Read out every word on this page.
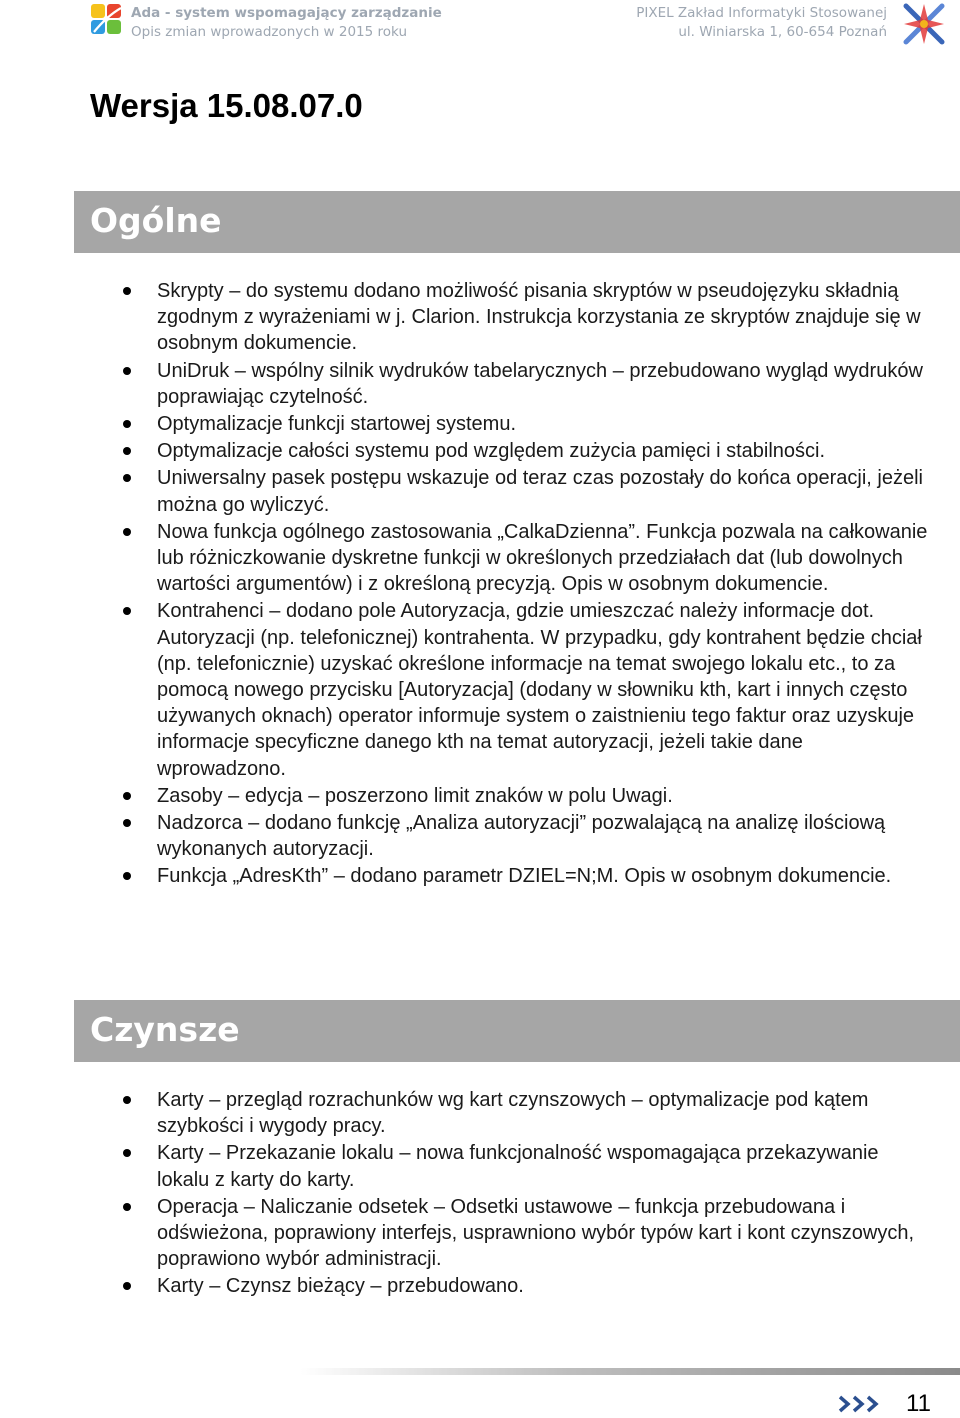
Ada - system wspomagający zarządzanie
Opis zmian wprowadzonych w 2015 roku
PIXEL Zakład Informatyki Stosowanej
ul. Winiarska 1, 60-654 Poznań
Wersja 15.08.07.0
Ogólne
Skrypty – do systemu dodano możliwość pisania skryptów w pseudojęzyku składnią zgodnym z wyrażeniami w j. Clarion. Instrukcja korzystania ze skryptów znajduje się w osobnym dokumencie.
UniDruk – wspólny silnik wydruków tabelarycznych – przebudowano wygląd wydruków poprawiając czytelność.
Optymalizacje funkcji startowej systemu.
Optymalizacje całości systemu pod względem zużycia pamięci i stabilności.
Uniwersalny pasek postępu wskazuje od teraz czas pozostały do końca operacji, jeżeli można go wyliczyć.
Nowa funkcja ogólnego zastosowania „CalkaDzienna”. Funkcja pozwala na całkowanie lub różniczkowanie dyskretne funkcji w określonych przedziałach dat (lub dowolnych wartości argumentów) i z określoną precyzją. Opis w osobnym dokumencie.
Kontrahenci – dodano pole Autoryzacja, gdzie umieszczać należy informacje dot. Autoryzacji (np. telefonicznej) kontrahenta. W przypadku, gdy kontrahent będzie chciał (np. telefonicznie) uzyskać określone informacje na temat swojego lokalu etc., to za pomocą nowego przycisku [Autoryzacja] (dodany w słowniku kth, kart i innych często używanych oknach) operator informuje system o zaistnieniu tego faktur oraz uzyskuje informacje specyficzne danego kth na temat autoryzacji, jeżeli takie dane wprowadzono.
Zasoby – edycja – poszerzono limit znaków w polu Uwagi.
Nadzorca – dodano funkcję „Analiza autoryzacji” pozwalającą na analizę ilościową wykonanych autoryzacji.
Funkcja „AdresKth” – dodano parametr DZIEL=N;M. Opis w osobnym dokumencie.
Czynsze
Karty – przegląd rozrachunków wg kart czynszowych – optymalizacje pod kątem szybkości i wygody pracy.
Karty – Przekazanie lokalu – nowa funkcjonalność wspomagająca przekazywanie lokalu z karty do karty.
Operacja – Naliczanie odsetek – Odsetki ustawowe – funkcja przebudowana i odświeżona, poprawiony interfejs, usprawniono wybór typów kart i kont czynszowych, poprawiono wybór administracji.
Karty – Czynsz bieżący – przebudowano.
11
